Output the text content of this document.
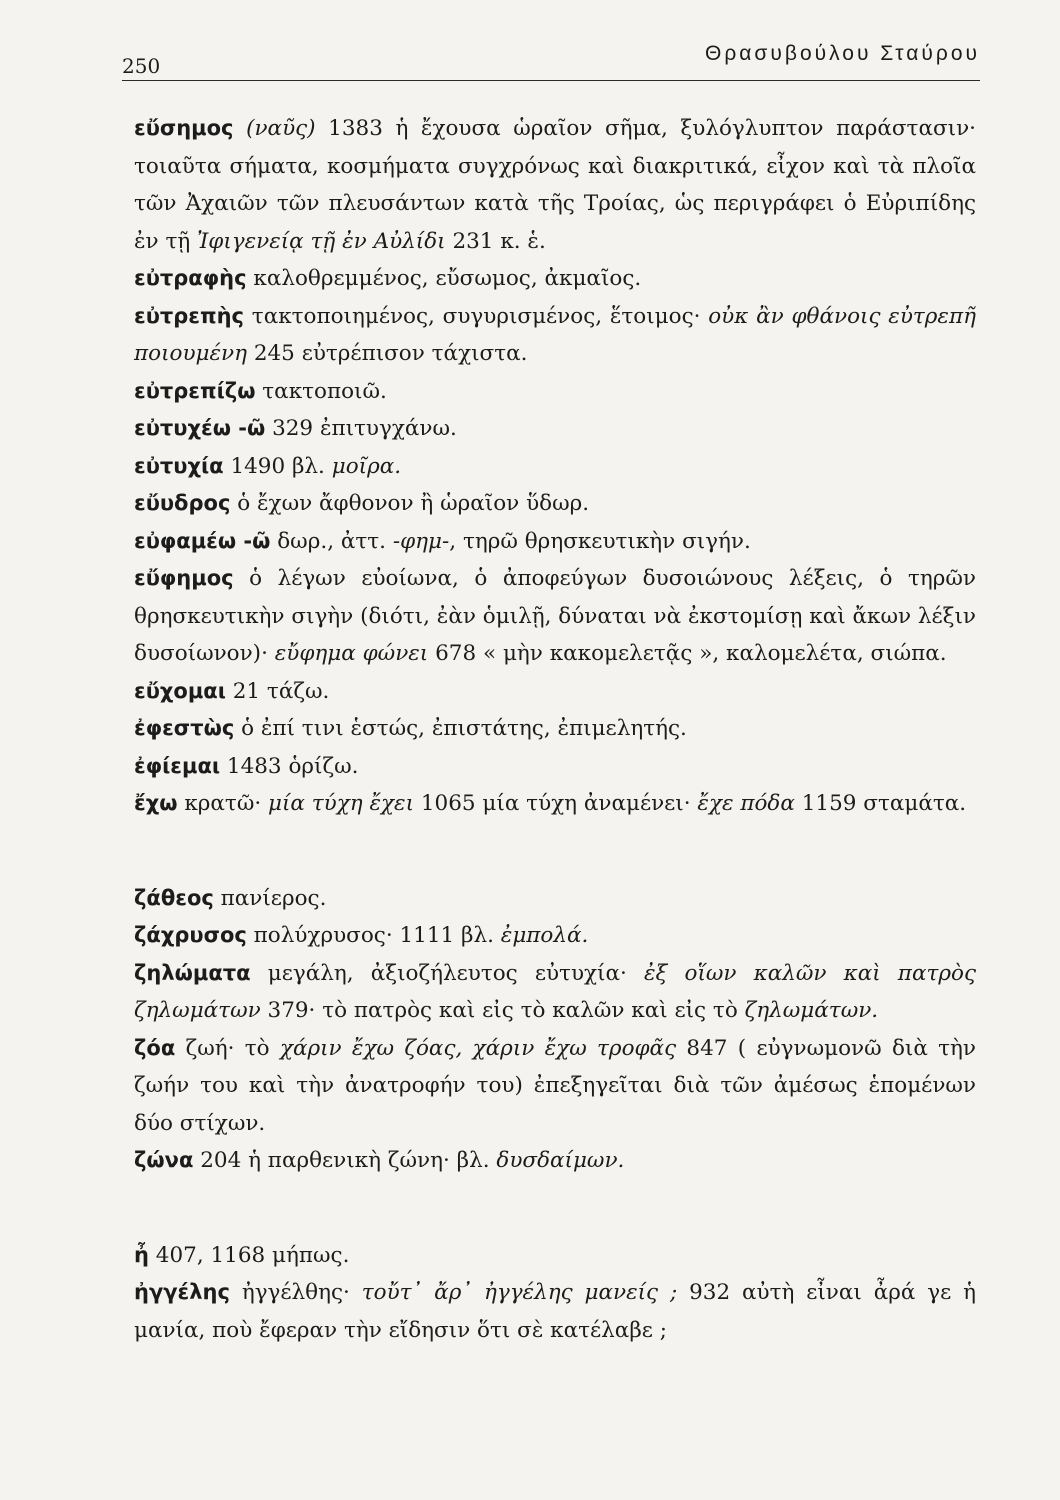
250
Θρασυβούλου Σταύρου

εὔσημος (ναῦς) 1383 ἡ ἔχουσα ὡραῖον σῆμα, ξυλόγλυπτον παράστασιν· τοιαῦτα σήματα, κοσμήματα συγχρόνως καὶ διακριτικά, εἶχον καὶ τὰ πλοῖα τῶν Ἀχαιῶν τῶν πλευσάντων κατὰ τῆς Τροίας, ὡς περιγράφει ὁ Εὐριπίδης ἐν τῇ Ἰφιγενείᾳ τῇ ἐν Αὐλίδι 231 κ. ἑ.

εὐτραφὴς καλοθρεμμένος, εὔσωμος, ἀκμαῖος.

εὐτρεπὴς τακτοποιημένος, συγυρισμένος, ἕτοιμος· οὐκ ἂν φθάνοις εὐτρεπῆ ποιουμένη 245 εὐτρέπισον τάχιστα.

εὐτρεπίζω τακτοποιῶ.

εὐτυχέω -ῶ 329 ἐπιτυγχάνω.

εὐτυχία 1490 βλ. μοῖρα.

εὔυδρος ὁ ἔχων ἄφθονον ἢ ὡραῖον ὕδωρ.

εὐφαμέω -ῶ δωρ., ἀττ. -φημ-, τηρῶ θρησκευτικὴν σιγήν.

εὔφημος ὁ λέγων εὐοίωνα, ὁ ἀποφεύγων δυσοιώνους λέξεις, ὁ τηρῶν θρησκευτικὴν σιγὴν (διότι, ἐὰν ὁμιλῇ, δύναται νὰ ἐκστομίσῃ καὶ ἄκων λέξιν δυσοίωνον)· εὔφημα φώνει 678 « μὴν κακομελετᾷς », καλομελέτα, σιώπα.

εὔχομαι 21 τάζω.

ἐφεστὼς ὁ ἐπί τινι ἑστώς, ἐπιστάτης, ἐπιμελητής.

ἐφίεμαι 1483 ὁρίζω.

ἔχω κρατῶ· μία τύχη ἔχει 1065 μία τύχη ἀναμένει· ἔχε πόδα 1159 σταμάτα.

ζάθεος πανίερος.

ζάχρυσος πολύχρυσος· 1111 βλ. ἐμπολά.

ζηλώματα μεγάλη, ἀξιοζήλευτος εὐτυχία· ἐξ οἵων καλῶν καὶ πατρὸς ζηλωμάτων 379· τὸ πατρὸς καὶ εἰς τὸ καλῶν καὶ εἰς τὸ ζηλωμάτων.

ζόα ζωή· τὸ χάριν ἔχω ζόας, χάριν ἔχω τροφᾶς 847 ( εὐγνωμονῶ διὰ τὴν ζωήν του καὶ τὴν ἀνατροφήν του) ἐπεξηγεῖται διὰ τῶν ἀμέσως ἑπομένων δύο στίχων.

ζώνα 204 ἡ παρθενικὴ ζώνη· βλ. δυσδαίμων.

ἦ 407, 1168 μήπως.

ἠγγέλης ἠγγέλθης· τοὔτ᾽ ἄρ᾽ ἠγγέλης μανείς ; 932 αὐτὴ εἶναι ἆρά γε ἡ μανία, ποὺ ἔφεραν τὴν εἴδησιν ὅτι σὲ κατέλαβε ;
